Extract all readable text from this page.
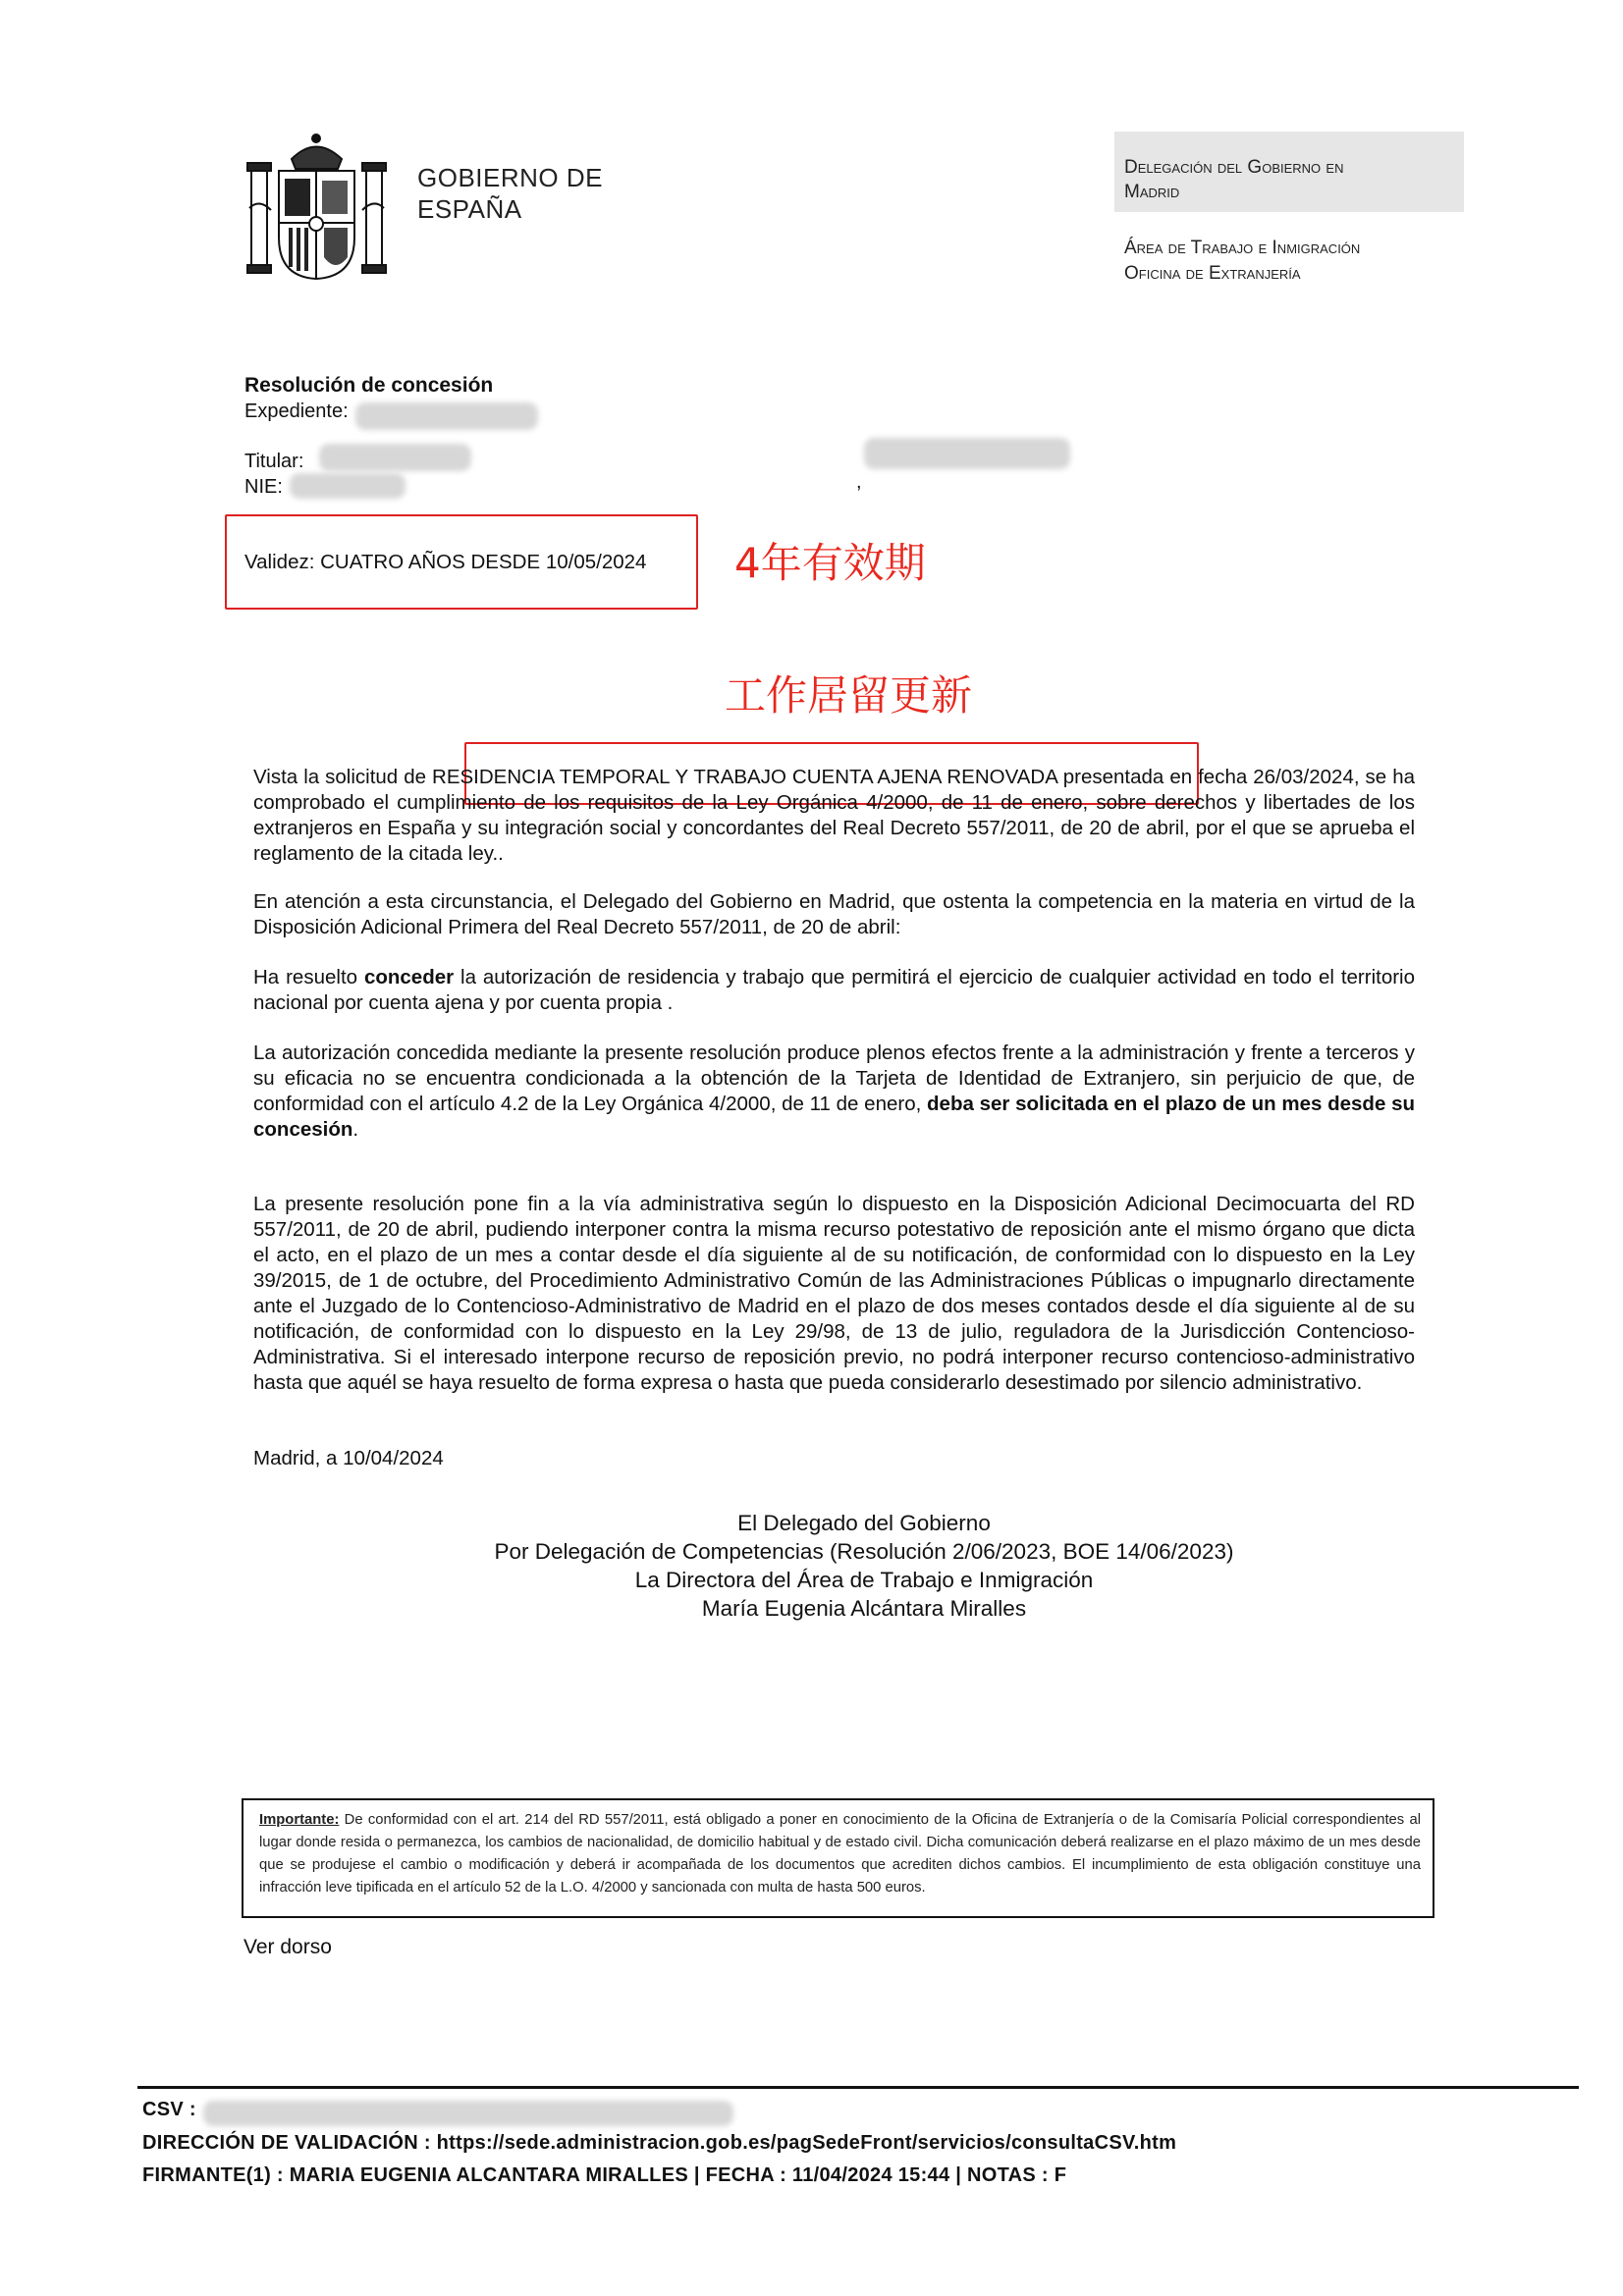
GOBIERNO DE
ESPAÑA
Delegación del Gobierno en
Madrid
Área de Trabajo e Inmigración
Oficina de Extranjería
Resolución de concesión
Expediente:
Titular:
NIE:	,
Validez: CUATRO AÑOS DESDE 10/05/2024 4年有效期
工作居留更新
Vista la solicitud de RESIDENCIA TEMPORAL Y TRABAJO CUENTA AJENA RENOVADA presentada en fecha 26/03/2024, se ha comprobado el cumplimiento de los requisitos de la Ley Orgánica 4/2000, de 11 de enero, sobre derechos y libertades de los extranjeros en España y su integración social y concordantes del Real Decreto 557/2011, de 20 de abril, por el que se aprueba el reglamento de la citada ley..
En atención a esta circunstancia, el Delegado del Gobierno en Madrid, que ostenta la competencia en la materia en virtud de la Disposición Adicional Primera del Real Decreto 557/2011, de 20 de abril:
Ha resuelto conceder la autorización de residencia y trabajo que permitirá el ejercicio de cualquier actividad en todo el territorio nacional por cuenta ajena y por cuenta propia .
La autorización concedida mediante la presente resolución produce plenos efectos frente a la administración y frente a terceros y su eficacia no se encuentra condicionada a la obtención de la Tarjeta de Identidad de Extranjero, sin perjuicio de que, de conformidad con el artículo 4.2 de la Ley Orgánica 4/2000, de 11 de enero, deba ser solicitada en el plazo de un mes desde su concesión.
La presente resolución pone fin a la vía administrativa según lo dispuesto en la Disposición Adicional Decimocuarta del RD 557/2011, de 20 de abril, pudiendo interponer contra la misma recurso potestativo de reposición ante el mismo órgano que dicta el acto, en el plazo de un mes a contar desde el día siguiente al de su notificación, de conformidad con lo dispuesto en la Ley 39/2015, de 1 de octubre, del Procedimiento Administrativo Común de las Administraciones Públicas o impugnarlo directamente ante el Juzgado de lo Contencioso-Administrativo de Madrid en el plazo de dos meses contados desde el día siguiente al de su notificación, de conformidad con lo dispuesto en la Ley 29/98, de 13 de julio, reguladora de la Jurisdicción Contencioso-Administrativa. Si el interesado interpone recurso de reposición previo, no podrá interponer recurso contencioso-administrativo hasta que aquél se haya resuelto de forma expresa o hasta que pueda considerarlo desestimado por silencio administrativo.
Madrid, a 10/04/2024
El Delegado del Gobierno
Por Delegación de Competencias (Resolución 2/06/2023, BOE 14/06/2023)
La Directora del Área de Trabajo e Inmigración
María Eugenia Alcántara Miralles
Importante: De conformidad con el art. 214 del RD 557/2011, está obligado a poner en conocimiento de la Oficina de Extranjería o de la Comisaría Policial correspondientes al lugar donde resida o permanezca, los cambios de nacionalidad, de domicilio habitual y de estado civil. Dicha comunicación deberá realizarse en el plazo máximo de un mes desde que se produjese el cambio o modificación y deberá ir acompañada de los documentos que acrediten dichos cambios. El incumplimiento de esta obligación constituye una infracción leve tipificada en el artículo 52 de la L.O. 4/2000 y sancionada con multa de hasta 500 euros.
Ver dorso
CSV :
DIRECCIÓN DE VALIDACIÓN : https://sede.administracion.gob.es/pagSedeFront/servicios/consultaCSV.htm
FIRMANTE(1) : MARIA EUGENIA ALCANTARA MIRALLES | FECHA : 11/04/2024 15:44 | NOTAS : F
